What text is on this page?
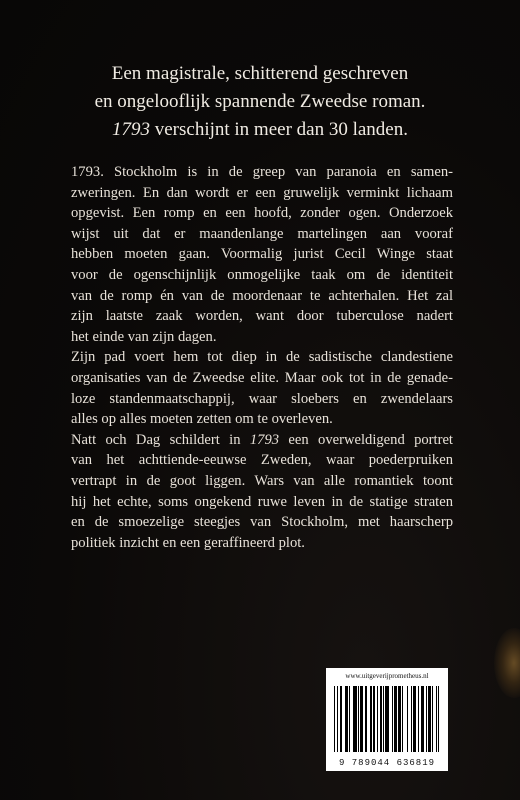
Een magistrale, schitterend geschreven
en ongelooflijk spannende Zweedse roman.
1793 verschijnt in meer dan 30 landen.

1793. Stockholm is in de greep van paranoia en samen-
zweringen. En dan wordt er een gruwelijk verminkt lichaam
opgevist. Een romp en een hoofd, zonder ogen. Onderzoek
wijst uit dat er maandenlange martelingen aan vooraf
hebben moeten gaan. Voormalig jurist Cecil Winge staat
voor de ogenschijnlijk onmogelijke taak om de identiteit
van de romp én van de moordenaar te achterhalen. Het zal
zijn laatste zaak worden, want door tuberculose nadert
het einde van zijn dagen.

Zijn pad voert hem tot diep in de sadistische clandestiene
organisaties van de Zweedse elite. Maar ook tot in de genade-
loze standenmaatschappij, waar sloebers en zwendelaars
alles op alles moeten zetten om te overleven.

Natt och Dag schildert in 1793 een overweldigend portret
van het achttiende-eeuwse Zweden, waar poederpruiken
vertrapt in de goot liggen. Wars van alle romantiek toont
hij het echte, soms ongekend ruwe leven in de statige straten
en de smoezelige steegjes van Stockholm, met haarscherp
politiek inzicht en een geraffineerd plot.

www.uitgeverijprometheus.nl
9 789044 636819
